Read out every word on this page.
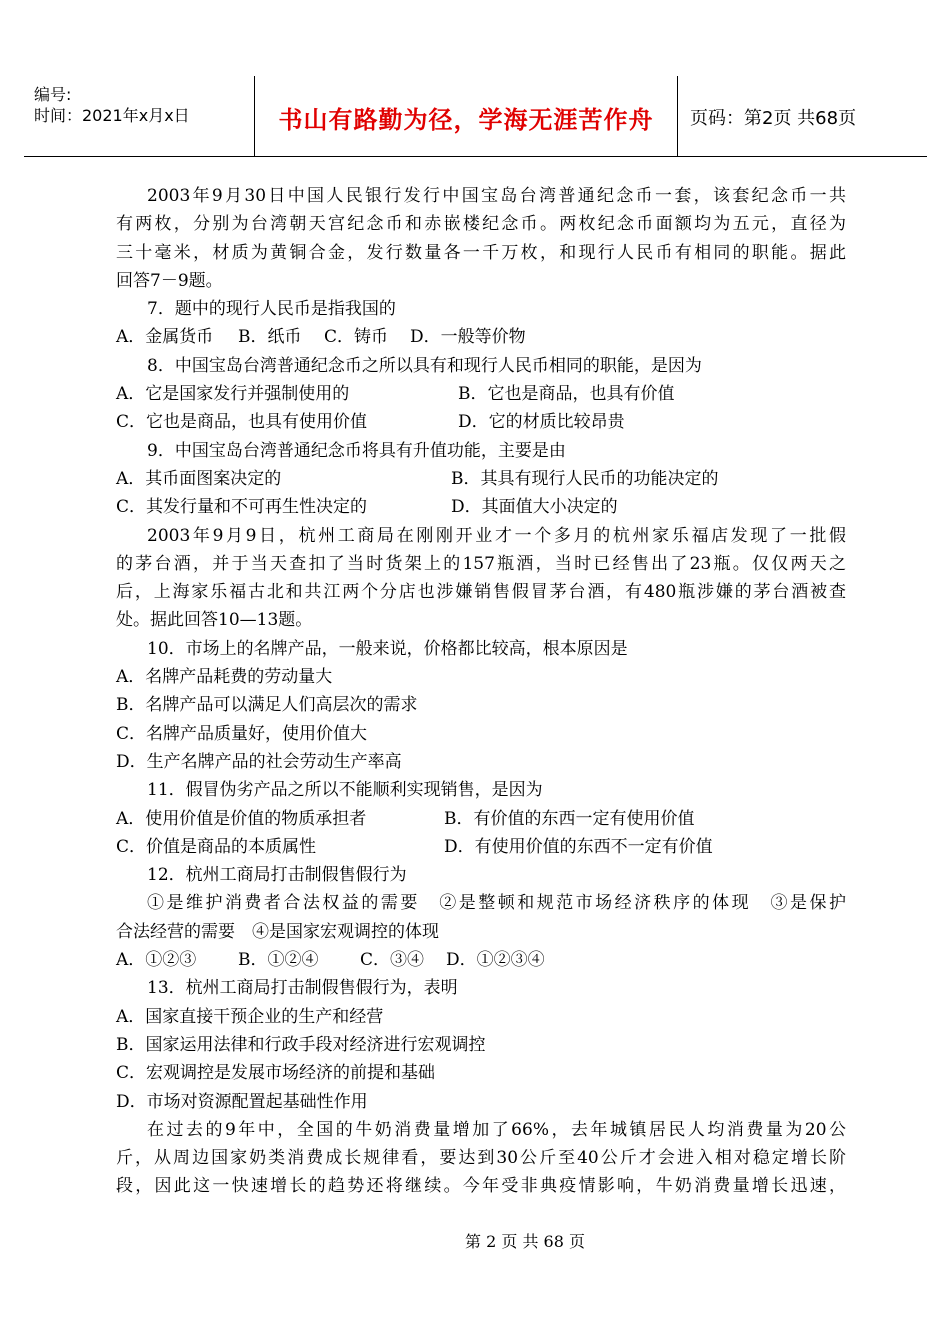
编号:
时间：2021年x月x日	书山有路勤为径，学海无涯苦作舟	页码：第2页 共68页
2003年9月30日中国人民银行发行中国宝岛台湾普通纪念币一套，该套纪念币一共
有两枚，分别为台湾朝天宫纪念币和赤嵌楼纪念币。两枚纪念币面额均为五元，直径为
三十毫米，材质为黄铜合金，发行数量各一千万枚，和现行人民币有相同的职能。据此
回答7－9题。
7．题中的现行人民币是指我国的
A．金属货币 B．纸币 C．铸币 D．一般等价物
8．中国宝岛台湾普通纪念币之所以具有和现行人民币相同的职能，是因为
A．它是国家发行并强制使用的	B．它也是商品，也具有价值
C．它也是商品，也具有使用价值	D．它的材质比较昂贵
9．中国宝岛台湾普通纪念币将具有升值功能，主要是由
A．其币面图案决定的	B．其具有现行人民币的功能决定的
C．其发行量和不可再生性决定的	D．其面值大小决定的
2003年9月9日，杭州工商局在刚刚开业才一个多月的杭州家乐福店发现了一批假
的茅台酒，并于当天查扣了当时货架上的157瓶酒，当时已经售出了23瓶。仅仅两天之
后，上海家乐福古北和共江两个分店也涉嫌销售假冒茅台酒，有480瓶涉嫌的茅台酒被查
处。据此回答10—13题。
10．市场上的名牌产品，一般来说，价格都比较高，根本原因是
A．名牌产品耗费的劳动量大
B．名牌产品可以满足人们高层次的需求
C．名牌产品质量好，使用价值大
D．生产名牌产品的社会劳动生产率高
11．假冒伪劣产品之所以不能顺利实现销售，是因为
A．使用价值是价值的物质承担者	B．有价值的东西一定有使用价值
C．价值是商品的本质属性	D．有使用价值的东西不一定有价值
12．杭州工商局打击制假售假行为
①是维护消费者合法权益的需要　②是整顿和规范市场经济秩序的体现　③是保护
合法经营的需要　④是国家宏观调控的体现
A．①②③ B．①②④ C．③④ D．①②③④
13．杭州工商局打击制假售假行为，表明
A．国家直接干预企业的生产和经营
B．国家运用法律和行政手段对经济进行宏观调控
C．宏观调控是发展市场经济的前提和基础
D．市场对资源配置起基础性作用
在过去的9年中，全国的牛奶消费量增加了66%，去年城镇居民人均消费量为20公
斤，从周边国家奶类消费成长规律看，要达到30公斤至40公斤才会进入相对稳定增长阶
段，因此这一快速增长的趋势还将继续。今年受非典疫情影响，牛奶消费量增长迅速，
第 2 页 共 68 页
